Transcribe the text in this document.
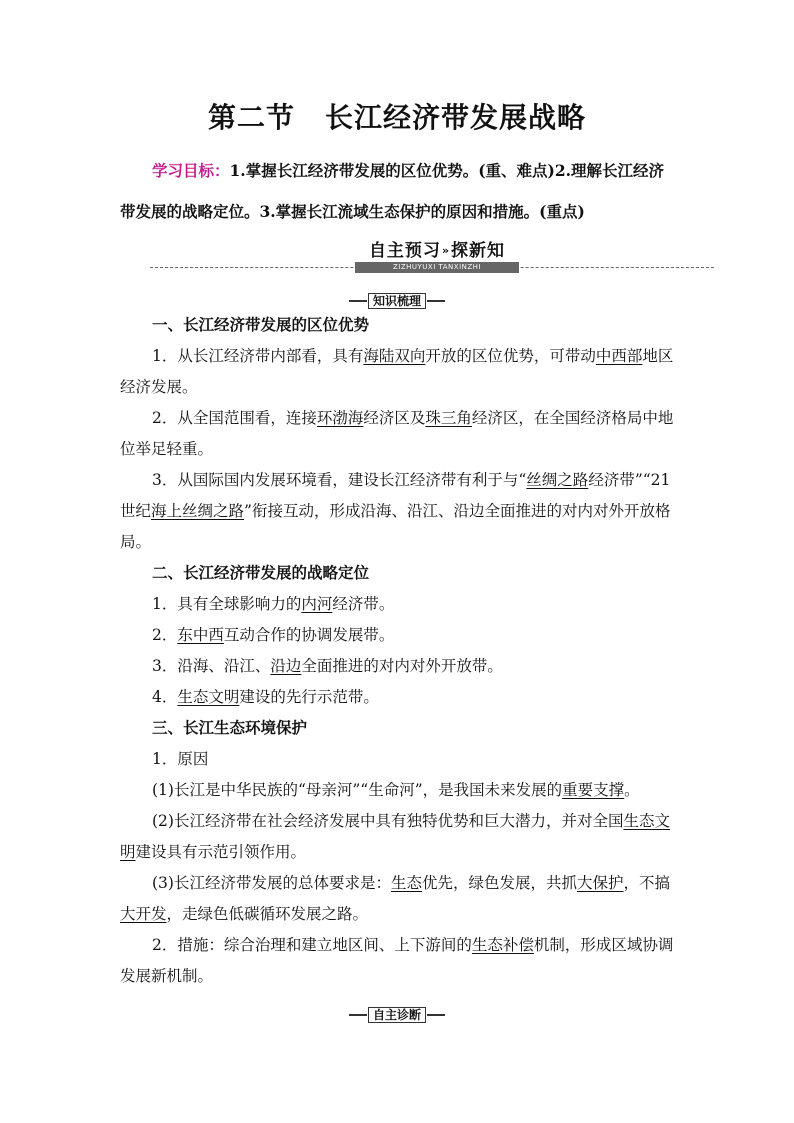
第二节 长江经济带发展战略

学习目标：1.掌握长江经济带发展的区位优势。(重、难点)2.理解长江经济带发展的战略定位。3.掌握长江流域生态保护的原因和措施。(重点)

自主预习»探新知
ZIZHUYUXI TANXINZHI
知识梳理

一、长江经济带发展的区位优势

1．从长江经济带内部看，具有海陆双向开放的区位优势，可带动中西部地区经济发展。

2．从全国范围看，连接环渤海经济区及珠三角经济区，在全国经济格局中地位举足轻重。

3．从国际国内发展环境看，建设长江经济带有利于与“丝绸之路经济带”“21世纪海上丝绸之路”衔接互动，形成沿海、沿江、沿边全面推进的对内对外开放格局。

二、长江经济带发展的战略定位

1．具有全球影响力的内河经济带。

2．东中西互动合作的协调发展带。

3．沿海、沿江、沿边全面推进的对内对外开放带。

4．生态文明建设的先行示范带。

三、长江生态环境保护

1．原因

(1)长江是中华民族的“母亲河”“生命河”，是我国未来发展的重要支撑。

(2)长江经济带在社会经济发展中具有独特优势和巨大潜力，并对全国生态文明建设具有示范引领作用。

(3)长江经济带发展的总体要求是：生态优先，绿色发展，共抓大保护，不搞大开发，走绿色低碳循环发展之路。

2．措施：综合治理和建立地区间、上下游间的生态补偿机制，形成区域协调发展新机制。

自主诊断
